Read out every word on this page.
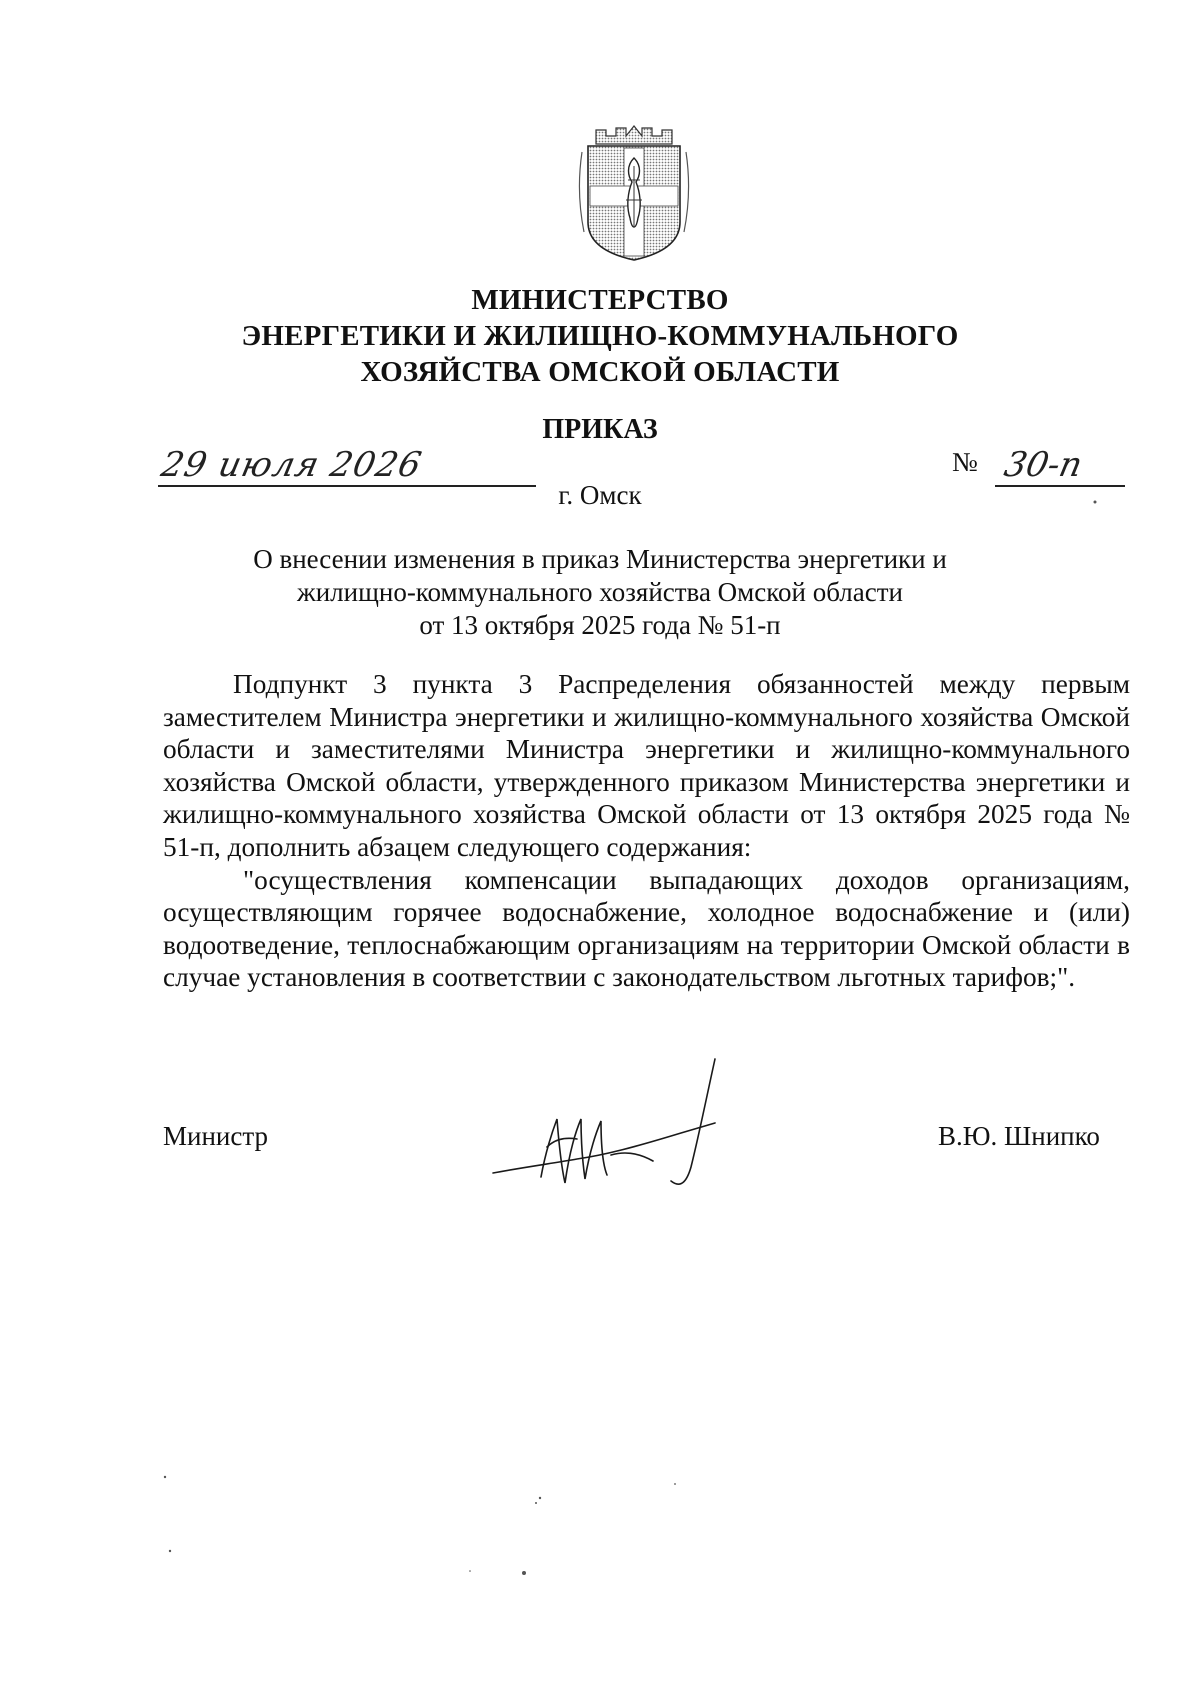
МИНИСТЕРСТВО
ЭНЕРГЕТИКИ И ЖИЛИЩНО-КОММУНАЛЬНОГО
ХОЗЯЙСТВА ОМСКОЙ ОБЛАСТИ
ПРИКАЗ
29 июля 2026	№ 30-п
г. Омск
О внесении изменения в приказ Министерства энергетики и
жилищно-коммунального хозяйства Омской области
от 13 октября 2025 года № 51-п

Подпункт 3 пункта 3 Распределения обязанностей между первым заместителем Министра энергетики и жилищно-коммунального хозяйства Омской области и заместителями Министра энергетики и жилищно-коммунального хозяйства Омской области, утвержденного приказом Министерства энергетики и жилищно-коммунального хозяйства Омской области от 13 октября 2025 года № 51-п, дополнить абзацем следующего содержания:

"осуществления компенсации выпадающих доходов организациям, осуществляющим горячее водоснабжение, холодное водоснабжение и (или) водоотведение, теплоснабжающим организациям на территории Омской области в случае установления в соответствии с законодательством льготных тарифов;".

Министр	В.Ю. Шнипко
